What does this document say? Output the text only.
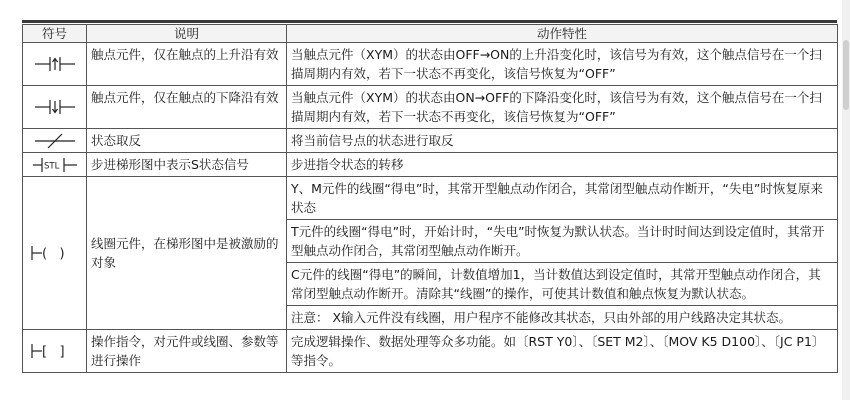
符号	说明	动作特性

	触点元件，仅在触点的上升沿有效	当触点元件（XYM）的状态由OFF→ON的上升沿变化时，该信号为有效，这个触点信号在一个扫描周期内有效，若下一状态不再变化，该信号恢复为“OFF”

	触点元件，仅在触点的下降沿有效	当触点元件（XYM）的状态由ON→OFF的下降沿变化时，该信号为有效，这个触点信号在一个扫描周期内有效，若下一状态不再变化，该信号恢复为“OFF”

	状态取反	将当前信号点的状态进行取反

STL	步进梯形图中表示S状态信号	步进指令状态的转移

(   )	线圈元件，在梯形图中是被激励的对象	Y、M元件的线圈“得电”时，其常开型触点动作闭合，其常闭型触点动作断开，“失电”时恢复原来状态
		T元件的线圈“得电”时，开始计时，“失电”时恢复为默认状态。当计时时间达到设定值时，其常开型触点动作闭合，其常闭型触点动作断开。
		C元件的线圈“得电”的瞬间，计数值增加1，当计数值达到设定值时，其常开型触点动作闭合，其常闭型触点动作断开。清除其“线圈”的操作，可使其计数值和触点恢复为默认状态。
		注意： X输入元件没有线圈，用户程序不能修改其状态，只由外部的用户线路决定其状态。

[   ]	操作指令，对元件或线圈、参数等进行操作	完成逻辑操作、数据处理等众多功能。如〔RST Y0〕、〔SET M2〕、〔MOV K5 D100〕、〔JC P1〕等指令。
